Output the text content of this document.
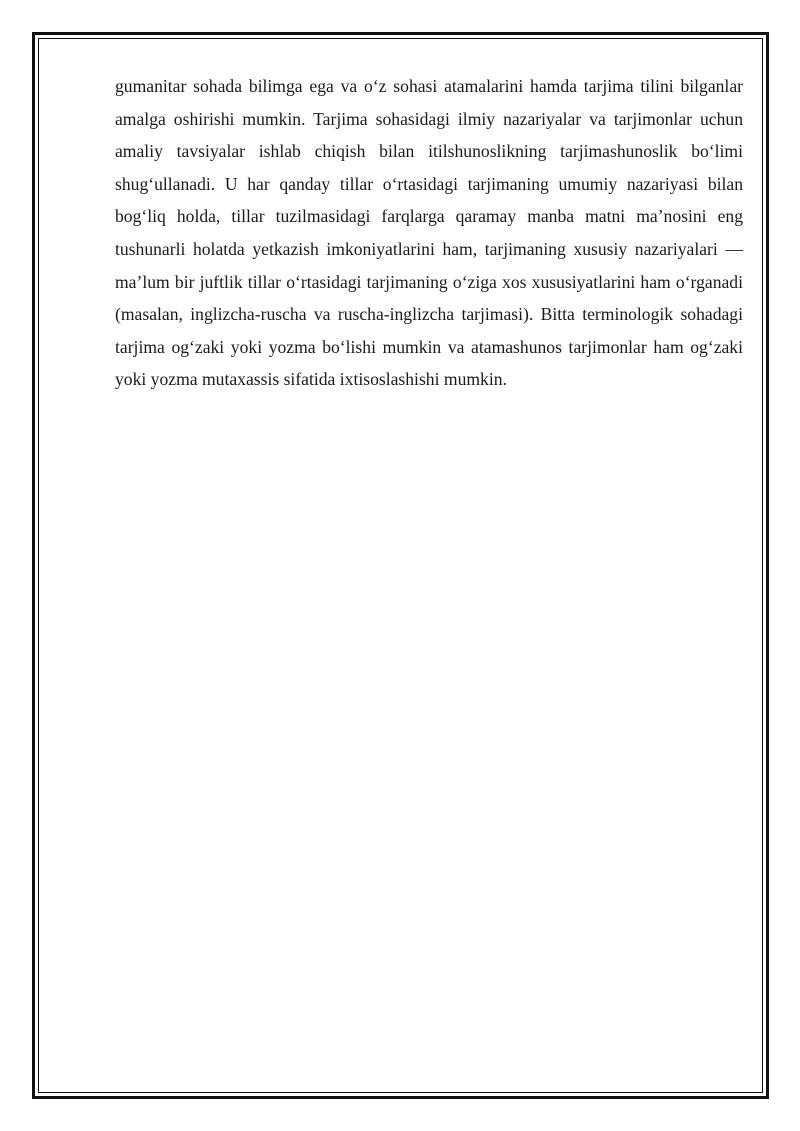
gumanitar sohada bilimga ega va o‘z sohasi atamalarini hamda tarjima tilini bilganlar amalga oshirishi mumkin. Tarjima sohasidagi ilmiy nazariyalar va tarjimonlar uchun amaliy tavsiyalar ishlab chiqish bilan itilshunoslikning tarjimashunoslik bo‘limi shug‘ullanadi. U har qanday tillar o‘rtasidagi tarjimaning umumiy nazariyasi bilan bog‘liq holda, tillar tuzilmasidagi farqlarga qaramay manba matni ma’nosini eng tushunarli holatda yetkazish imkoniyatlarini ham, tarjimaning xususiy nazariyalari — ma’lum bir juftlik tillar o‘rtasidagi tarjimaning o‘ziga xos xususiyatlarini ham o‘rganadi (masalan, inglizcha-ruscha va ruscha-inglizcha tarjimasi). Bitta terminologik sohadagi tarjima og‘zaki yoki yozma bo‘lishi mumkin va atamashunos tarjimonlar ham og‘zaki yoki yozma mutaxassis sifatida ixtisoslashishi mumkin.
